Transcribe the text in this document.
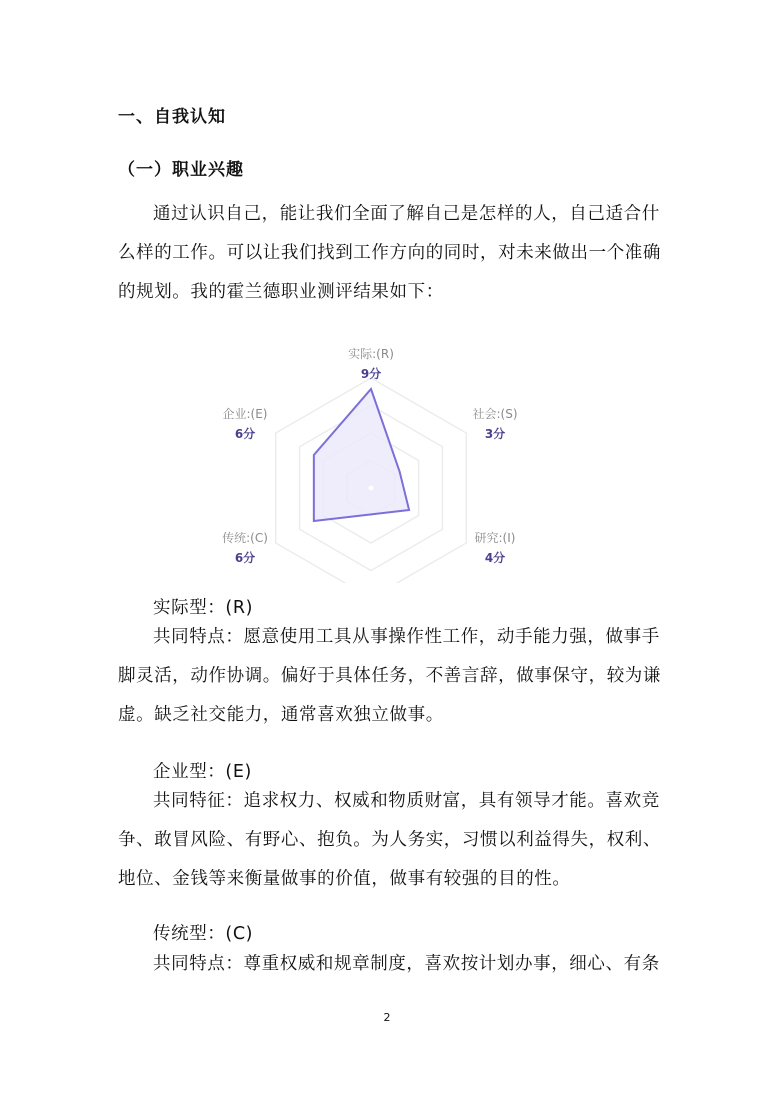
一、自我认知
（一）职业兴趣

通过认识自己，能让我们全面了解自己是怎样的人，自己适合什么样的工作。可以让我们找到工作方向的同时，对未来做出一个准确的规划。我的霍兰德职业测评结果如下：

实际:(R)
9分
社会:(S)
3分
研究:(I)
4分
传统:(C)
6分
企业:(E)
6分
实际型：(R)

共同特点：愿意使用工具从事操作性工作，动手能力强，做事手脚灵活，动作协调。偏好于具体任务，不善言辞，做事保守，较为谦虚。缺乏社交能力，通常喜欢独立做事。

企业型：(E)

共同特征：追求权力、权威和物质财富，具有领导才能。喜欢竞争、敢冒风险、有野心、抱负。为人务实，习惯以利益得失，权利、地位、金钱等来衡量做事的价值，做事有较强的目的性。

传统型：(C)

共同特点：尊重权威和规章制度，喜欢按计划办事，细心、有条

2
